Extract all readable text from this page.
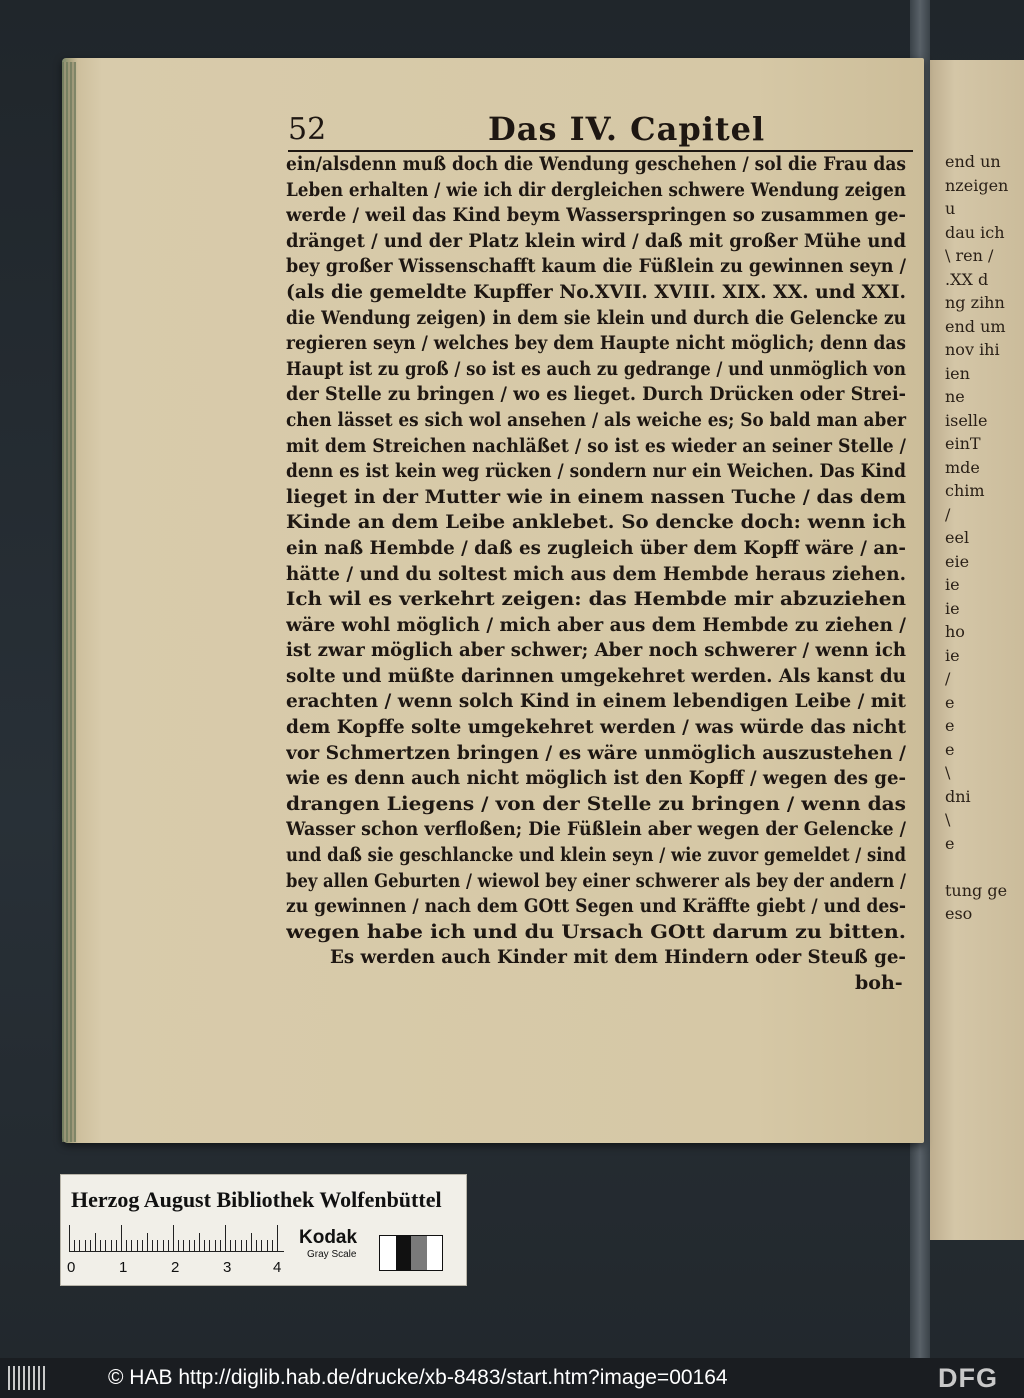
end un
nzeigen
u
dau ich
\ ren /
.XX d
ng zihn
end um
nov ihi
ien
ne
iselle
einT
mde
chim
/
eel
eie
ie
ie
ho
ie
/
e
e
e
\
dni
\
e
tung ge
eso
52	Das IV. Capitel
ein/alsdenn muß doch die Wendung geschehen / sol die Frau das
Leben erhalten / wie ich dir dergleichen schwere Wendung zeigen
werde / weil das Kind beym Wasserspringen so zusammen ge-
dränget / und der Platz klein wird / daß mit großer Mühe und
bey großer Wissenschafft kaum die Füßlein zu gewinnen seyn /
(als die gemeldte Kupffer No.XVII. XVIII. XIX. XX. und XXI.
die Wendung zeigen) in dem sie klein und durch die Gelencke zu
regieren seyn / welches bey dem Haupte nicht möglich; denn das
Haupt ist zu groß / so ist es auch zu gedrange / und unmöglich von
der Stelle zu bringen / wo es lieget. Durch Drücken oder Strei-
chen lässet es sich wol ansehen / als weiche es; So bald man aber
mit dem Streichen nachläßet / so ist es wieder an seiner Stelle /
denn es ist kein weg rücken / sondern nur ein Weichen. Das Kind
lieget in der Mutter wie in einem nassen Tuche / das dem
Kinde an dem Leibe anklebet. So dencke doch: wenn ich
ein naß Hembde / daß es zugleich über dem Kopff wäre / an-
hätte / und du soltest mich aus dem Hembde heraus ziehen.
Ich wil es verkehrt zeigen: das Hembde mir abzuziehen
wäre wohl möglich / mich aber aus dem Hembde zu ziehen /
ist zwar möglich aber schwer; Aber noch schwerer / wenn ich
solte und müßte darinnen umgekehret werden. Als kanst du
erachten / wenn solch Kind in einem lebendigen Leibe / mit
dem Kopffe solte umgekehret werden / was würde das nicht
vor Schmertzen bringen / es wäre unmöglich auszustehen /
wie es denn auch nicht möglich ist den Kopff / wegen des ge-
drangen Liegens / von der Stelle zu bringen / wenn das
Wasser schon verfloßen; Die Füßlein aber wegen der Gelencke /
und daß sie geschlancke und klein seyn / wie zuvor gemeldet / sind
bey allen Geburten / wiewol bey einer schwerer als bey der andern /
zu gewinnen / nach dem GOtt Segen und Kräffte giebt / und des-
wegen habe ich und du Ursach GOtt darum zu bitten.
Es werden auch Kinder mit dem Hindern oder Steuß ge-
boh-
Herzog August Bibliothek Wolfenbüttel
0	1	2	3	4
Kodak
Gray Scale
© HAB http://diglib.hab.de/drucke/xb-8483/start.htm?image=00164	DFG
